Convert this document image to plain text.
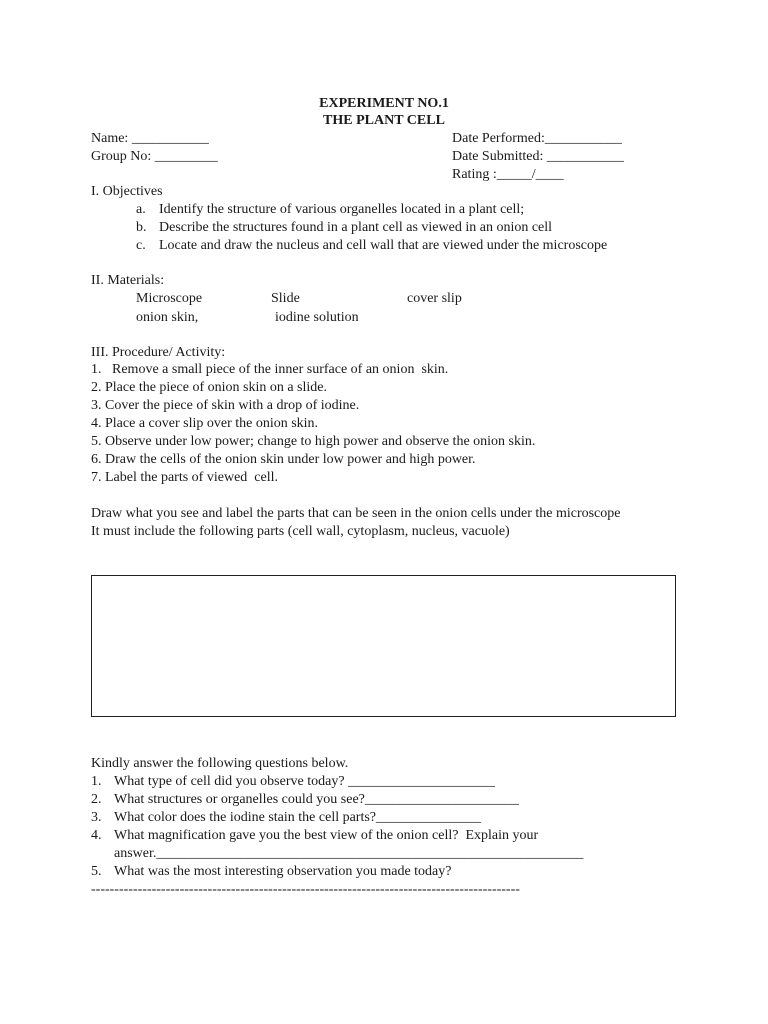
EXPERIMENT NO.1
THE PLANT CELL
Name: ___________
Group No: _________
Date Performed:___________
Date Submitted: ___________
Rating :_____/____
I. Objectives
a. Identify the structure of various organelles located in a plant cell;
b. Describe the structures found in a plant cell as viewed in an onion cell
c. Locate and draw the nucleus and cell wall that are viewed under the microscope
II. Materials:
Microscope	Slide	cover slip
onion skin,	iodine solution
III. Procedure/ Activity:
1.   Remove a small piece of the inner surface of an onion  skin.
2. Place the piece of onion skin on a slide.
3. Cover the piece of skin with a drop of iodine.
4. Place a cover slip over the onion skin.
5. Observe under low power; change to high power and observe the onion skin.
6. Draw the cells of the onion skin under low power and high power.
7. Label the parts of viewed  cell.
Draw what you see and label the parts that can be seen in the onion cells under the microscope
It must include the following parts (cell wall, cytoplasm, nucleus, vacuole)
Kindly answer the following questions below.
1. What type of cell did you observe today? _____________________
2. What structures or organelles could you see?______________________
3. What color does the iodine stain the cell parts?_______________
4. What magnification gave you the best view of the onion cell?  Explain your
answer._____________________________________________________________
5. What was the most interesting observation you made today?
--------------------------------------------------------------------------------------------
